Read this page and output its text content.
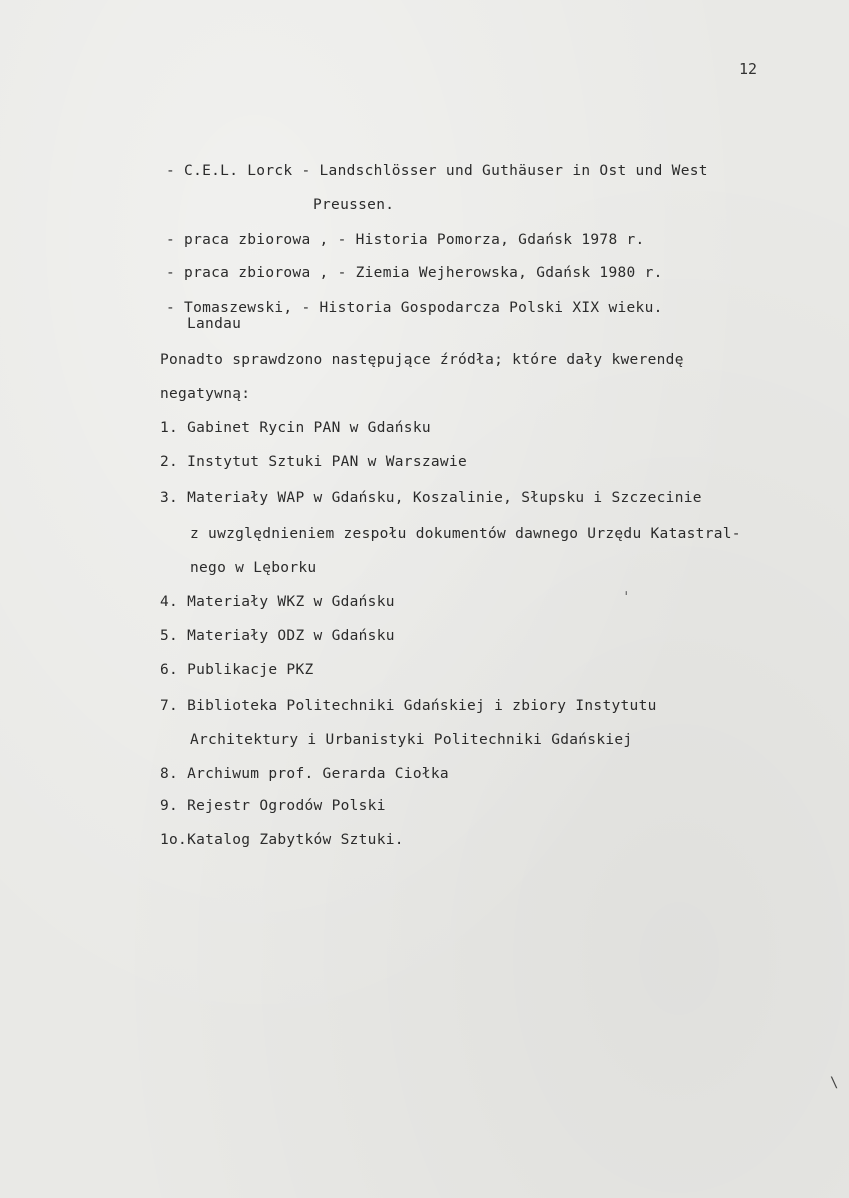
12
- C.E.L. Lorck - Landschlösser und Guthäuser in Ost und West
Preussen.
- praca zbiorowa , - Historia Pomorza, Gdańsk 1978 r.
- praca zbiorowa , - Ziemia Wejherowska, Gdańsk 1980 r.
- Tomaszewski, - Historia Gospodarcza Polski XIX wieku.
Landau
Ponadto sprawdzono następujące źródła; które dały kwerendę
negatywną:
1. Gabinet Rycin PAN w Gdańsku
2. Instytut Sztuki PAN w Warszawie
3. Materiały WAP w Gdańsku, Koszalinie, Słupsku i Szczecinie
z uwzględnieniem zespołu dokumentów dawnego Urzędu Katastral-
nego w Lęborku
4. Materiały WKZ w Gdańsku
5. Materiały ODZ w Gdańsku
6. Publikacje PKZ
7. Biblioteka Politechniki Gdańskiej i zbiory Instytutu
Architektury i Urbanistyki Politechniki Gdańskiej
8. Archiwum prof. Gerarda Ciołka
9. Rejestr Ogrodów Polski
1o.Katalog Zabytków Sztuki.
ˈ
\
